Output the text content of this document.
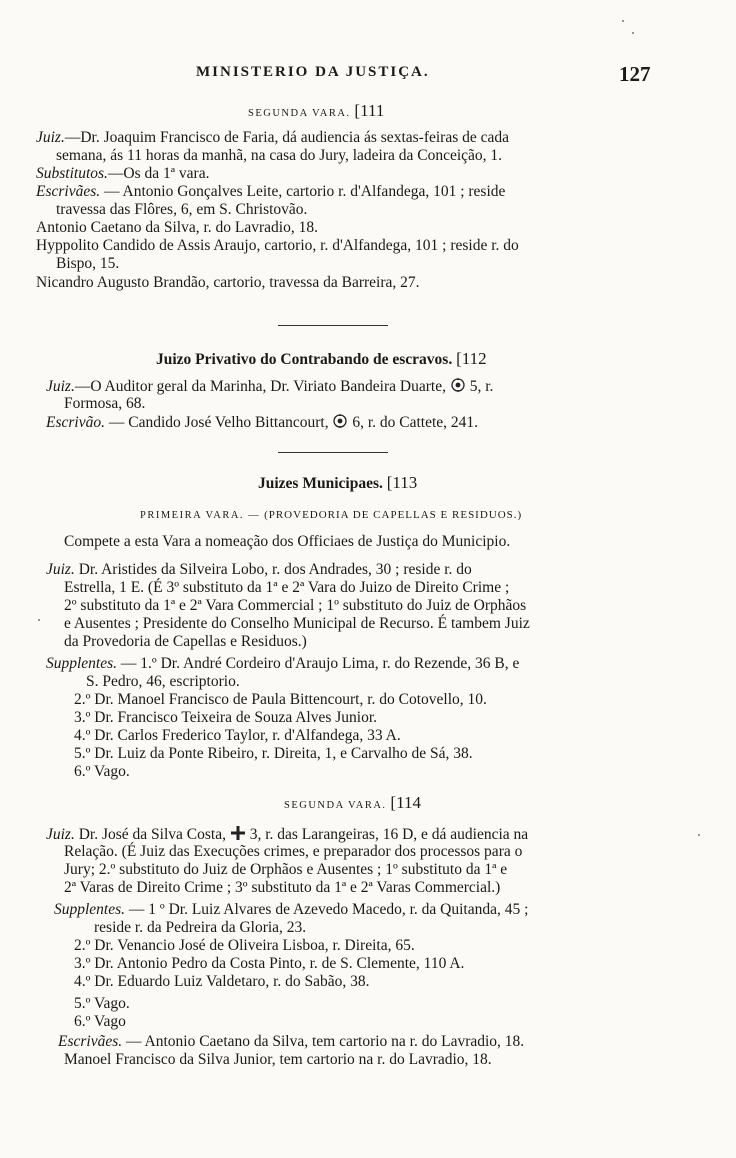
MINISTERIO DA JUSTIÇA.	127
SEGUNDA VARA. [111
Juiz.—Dr. Joaquim Francisco de Faria, dá audiencia ás sextas-feiras de cada
semana, ás 11 horas da manhã, na casa do Jury, ladeira da Conceição, 1.
Substitutos.—Os da 1ª vara.
Escrivães. — Antonio Gonçalves Leite, cartorio r. d'Alfandega, 101 ; reside
travessa das Flôres, 6, em S. Christovão.
Antonio Caetano da Silva, r. do Lavradio, 18.
Hyppolito Candido de Assis Araujo, cartorio, r. d'Alfandega, 101 ; reside r. do
Bispo, 15.
Nicandro Augusto Brandão, cartorio, travessa da Barreira, 27.
Juizo Privativo do Contrabando de escravos. [112
Juiz.—O Auditor geral da Marinha, Dr. Viriato Bandeira Duarte,
5, r.
Formosa, 68.
Escrivão. — Candido José Velho Bittancourt,
6, r. do Cattete, 241.
Juizes Municipaes. [113
PRIMEIRA VARA. — (PROVEDORIA DE CAPELLAS E RESIDUOS.)
Compete a esta Vara a nomeação dos Officiaes de Justiça do Municipio.
Juiz. Dr. Aristides da Silveira Lobo, r. dos Andrades, 30 ; reside r. do
Estrella, 1 E. (É 3º substituto da 1ª e 2ª Vara do Juizo de Direito Crime ;
2º substituto da 1ª e 2ª Vara Commercial ; 1º substituto do Juiz de Orphãos
e Ausentes ; Presidente do Conselho Municipal de Recurso. É tambem Juiz
da Provedoria de Capellas e Residuos.)
Supplentes. — 1.º Dr. André Cordeiro d'Araujo Lima, r. do Rezende, 36 B, e
S. Pedro, 46, escriptorio.
2.º Dr. Manoel Francisco de Paula Bittencourt, r. do Cotovello, 10.
3.º Dr. Francisco Teixeira de Souza Alves Junior.
4.º Dr. Carlos Frederico Taylor, r. d'Alfandega, 33 A.
5.º Dr. Luiz da Ponte Ribeiro, r. Direita, 1, e Carvalho de Sá, 38.
6.º Vago.
SEGUNDA VARA. [114
Juiz. Dr. José da Silva Costa,
3, r. das Larangeiras, 16 D, e dá audiencia na
Relação. (É Juiz das Execuções crimes, e preparador dos processos para o
Jury; 2.º substituto do Juiz de Orphãos e Ausentes ; 1º substituto da 1ª e
2ª Varas de Direito Crime ; 3º substituto da 1ª e 2ª Varas Commercial.)
Supplentes. — 1 º Dr. Luiz Alvares de Azevedo Macedo, r. da Quitanda, 45 ;
reside r. da Pedreira da Gloria, 23.
2.º Dr. Venancio José de Oliveira Lisboa, r. Direita, 65.
3.º Dr. Antonio Pedro da Costa Pinto, r. de S. Clemente, 110 A.
4.º Dr. Eduardo Luiz Valdetaro, r. do Sabão, 38.
5.º Vago.
6.º Vago
Escrivães. — Antonio Caetano da Silva, tem cartorio na r. do Lavradio, 18.
Manoel Francisco da Silva Junior, tem cartorio na r. do Lavradio, 18.
